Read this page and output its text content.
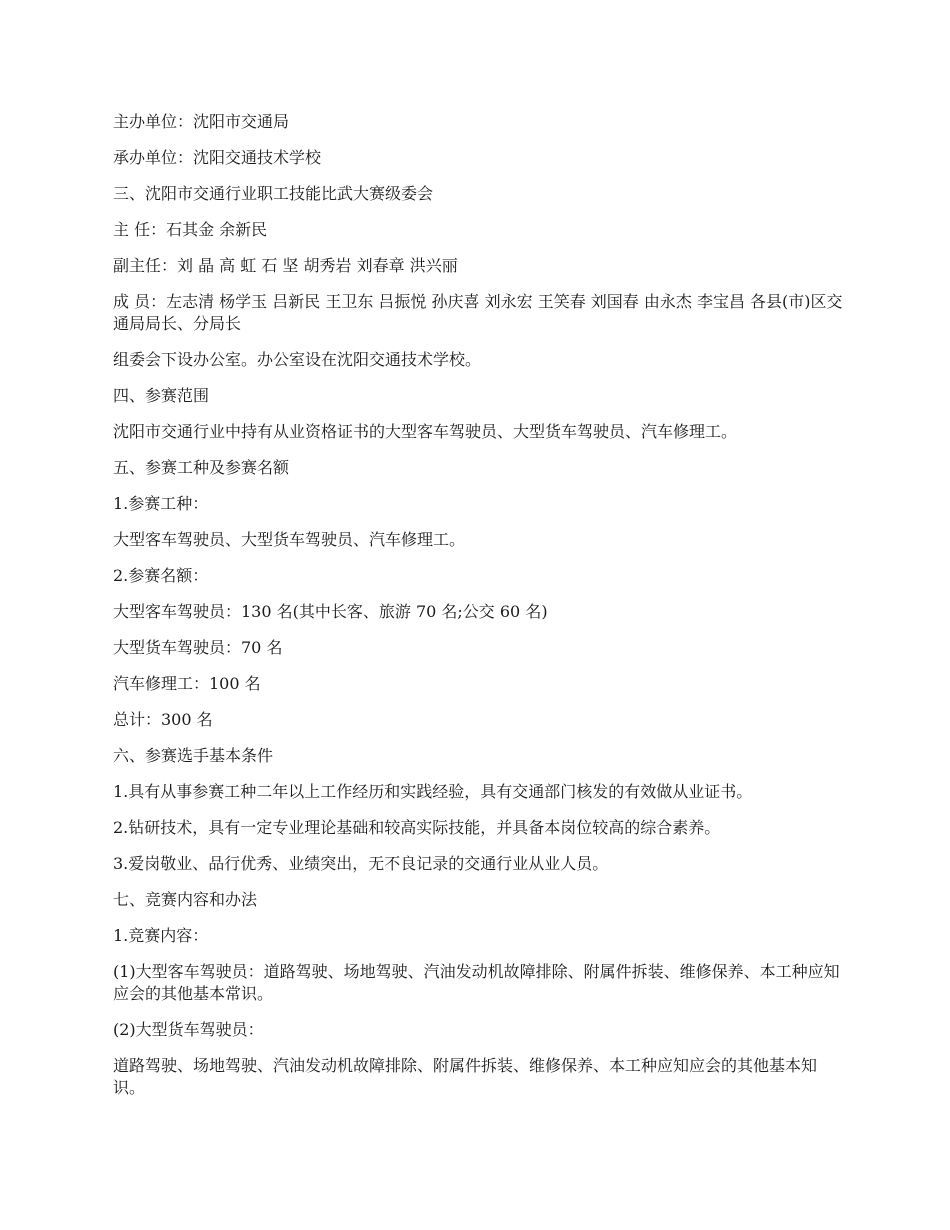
主办单位：沈阳市交通局

承办单位：沈阳交通技术学校

三、沈阳市交通行业职工技能比武大赛级委会

主 任：石其金 余新民

副主任：刘 晶 高 虹 石 坚 胡秀岩 刘春章 洪兴丽

成 员：左志清 杨学玉 吕新民 王卫东 吕振悦 孙庆喜 刘永宏 王笑春 刘国春 由永杰 李宝昌 各县(市)区交通局局长、分局长

组委会下设办公室。办公室设在沈阳交通技术学校。

四、参赛范围

沈阳市交通行业中持有从业资格证书的大型客车驾驶员、大型货车驾驶员、汽车修理工。

五、参赛工种及参赛名额

1.参赛工种：

大型客车驾驶员、大型货车驾驶员、汽车修理工。

2.参赛名额：

大型客车驾驶员：130 名(其中长客、旅游 70 名;公交 60 名)

大型货车驾驶员：70 名

汽车修理工：100 名

总计：300 名

六、参赛选手基本条件

1.具有从事参赛工种二年以上工作经历和实践经验，具有交通部门核发的有效做从业证书。

2.钻研技术，具有一定专业理论基础和较高实际技能，并具备本岗位较高的综合素养。

3.爱岗敬业、品行优秀、业绩突出，无不良记录的交通行业从业人员。

七、竞赛内容和办法

1.竞赛内容：

(1)大型客车驾驶员：道路驾驶、场地驾驶、汽油发动机故障排除、附属件拆装、维修保养、本工种应知应会的其他基本常识。

(2)大型货车驾驶员：

道路驾驶、场地驾驶、汽油发动机故障排除、附属件拆装、维修保养、本工种应知应会的其他基本知识。
